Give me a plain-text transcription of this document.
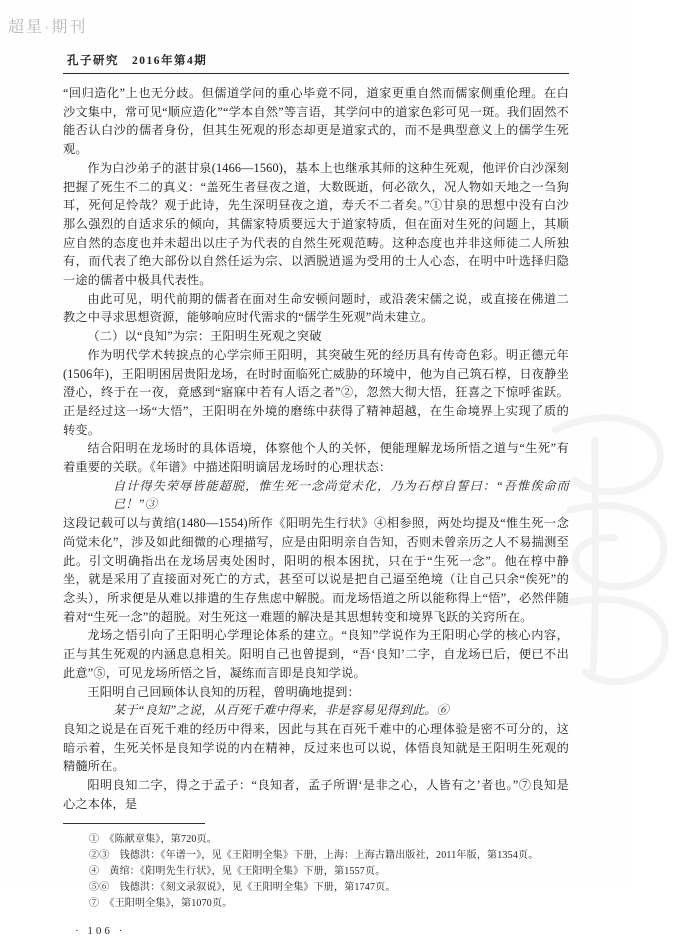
超星·期刊
孔子研究　2016年第4期

“回归造化”上也无分歧。但儒道学问的重心毕竟不同，道家更重自然而儒家侧重伦理。在白沙文集中，常可见“顺应造化”“学本自然”等言语，其学问中的道家色彩可见一斑。我们固然不能否认白沙的儒者身份，但其生死观的形态却更是道家式的，而不是典型意义上的儒学生死观。

作为白沙弟子的湛甘泉(1466—1560)，基本上也继承其师的这种生死观，他评价白沙深刻把握了死生不二的真义：“盖死生者昼夜之道，大数既逝，何必欲久，况人物如天地之一刍狗耳，死何足怜哉？观于此诗，先生深明昼夜之道，寿夭不二者矣。”①甘泉的思想中没有白沙那么强烈的自适求乐的倾向，其儒家特质要远大于道家特质，但在面对生死的问题上，其顺应自然的态度也并未超出以庄子为代表的自然生死观范畴。这种态度也并非这师徒二人所独有，而代表了绝大部份以自然任运为宗、以洒脱逍遥为受用的士人心态，在明中叶选择归隐一途的儒者中极具代表性。

由此可见，明代前期的儒者在面对生命安顿问题时，或沿袭宋儒之说，或直接在佛道二教之中寻求思想资源，能够响应时代需求的“儒学生死观”尚未建立。

（二）以“良知”为宗：王阳明生死观之突破

作为明代学术转捩点的心学宗师王阳明，其突破生死的经历具有传奇色彩。明正德元年(1506年)，王阳明困居贵阳龙场，在时时面临死亡威胁的环境中，他为自己筑石椁，日夜静坐澄心，终于在一夜，竟感到“寤寐中若有人语之者”②，忽然大彻大悟，狂喜之下惊呼雀跃。正是经过这一场“大悟”，王阳明在外境的磨练中获得了精神超越，在生命境界上实现了质的转变。

结合阳明在龙场时的具体语境，体察他个人的关怀，便能理解龙场所悟之道与“生死”有着重要的关联。《年谱》中描述阳明谪居龙场时的心理状态：

自计得失荣辱皆能超脱，惟生死一念尚觉未化，乃为石椁自誓曰：“吾惟俟命而已！”③

这段记载可以与黄绾(1480—1554)所作《阳明先生行状》④相参照，两处均提及“惟生死一念尚觉未化”，涉及如此细微的心理描写，应是由阳明亲自告知，否则未曾亲历之人不易揣测至此。引文明确指出在龙场居夷处困时，阳明的根本困扰，只在于“生死一念”。他在椁中静坐，就是采用了直接面对死亡的方式，甚至可以说是把自己逼至绝境（让自己只余“俟死”的念头），所求便是从难以排遣的生存焦虑中解脱。而龙场悟道之所以能称得上“悟”，必然伴随着对“生死一念”的超脱。对生死这一难题的解决是其思想转变和境界飞跃的关窍所在。

龙场之悟引向了王阳明心学理论体系的建立。“良知”学说作为王阳明心学的核心内容，正与其生死观的内涵息息相关。阳明自己也曾提到，“吾‘良知’二字，自龙场已后，便已不出此意”⑤，可见龙场所悟之旨，凝练而言即是良知学说。

王阳明自己回顾体认良知的历程，曾明确地提到：

某于“良知”之说，从百死千难中得来，非是容易见得到此。⑥

良知之说是在百死千难的经历中得来，因此与其在百死千难中的心理体验是密不可分的，这暗示着，生死关怀是良知学说的内在精神，反过来也可以说，体悟良知就是王阳明生死观的精髓所在。

阳明良知二字，得之于孟子：“良知者，孟子所谓‘是非之心，人皆有之’者也。”⑦良知是心之本体，是

①　《陈献章集》，第720页。

②③　钱德洪：《年谱一》，见《王阳明全集》下册，上海：上海古籍出版社，2011年版，第1354页。

④　黄绾：《阳明先生行状》，见《王阳明全集》下册，第1557页。

⑤⑥　钱德洪：《刻文录叙说》，见《王阳明全集》下册，第1747页。

⑦　《王阳明全集》，第1070页。

· 106 ·
